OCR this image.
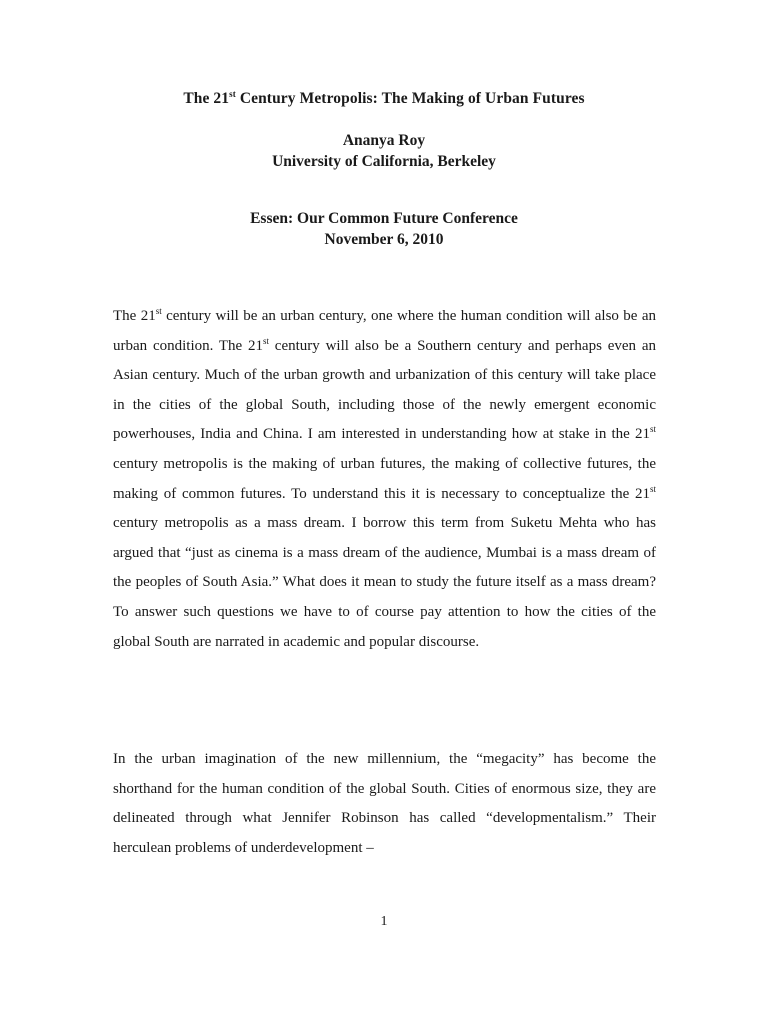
The 21st Century Metropolis: The Making of Urban Futures
Ananya Roy
University of California, Berkeley
Essen: Our Common Future Conference
November 6, 2010

The 21st century will be an urban century, one where the human condition will also be an urban condition. The 21st century will also be a Southern century and perhaps even an Asian century. Much of the urban growth and urbanization of this century will take place in the cities of the global South, including those of the newly emergent economic powerhouses, India and China. I am interested in understanding how at stake in the 21st century metropolis is the making of urban futures, the making of collective futures, the making of common futures. To understand this it is necessary to conceptualize the 21st century metropolis as a mass dream. I borrow this term from Suketu Mehta who has argued that “just as cinema is a mass dream of the audience, Mumbai is a mass dream of the peoples of South Asia.” What does it mean to study the future itself as a mass dream? To answer such questions we have to of course pay attention to how the cities of the global South are narrated in academic and popular discourse.

In the urban imagination of the new millennium, the “megacity” has become the shorthand for the human condition of the global South. Cities of enormous size, they are delineated through what Jennifer Robinson has called “developmentalism.” Their herculean problems of underdevelopment –

1
